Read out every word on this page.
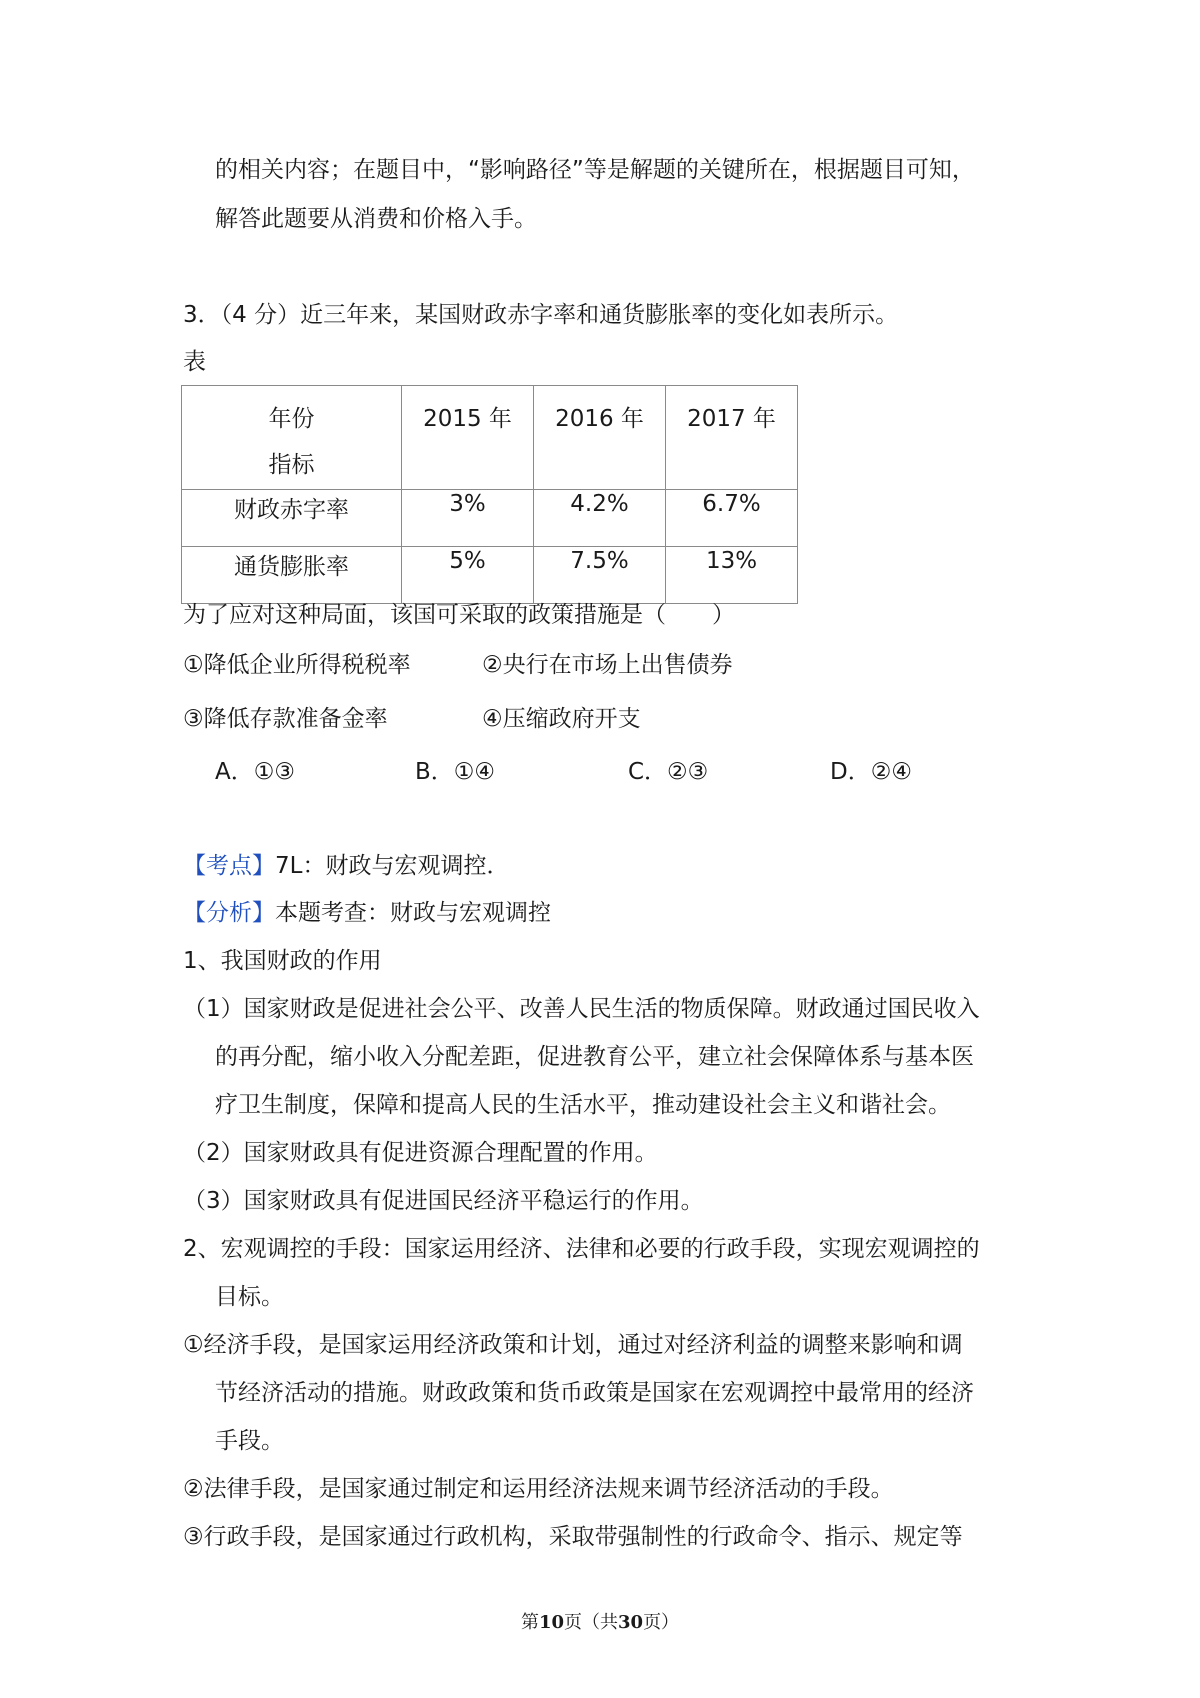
的相关内容；在题目中，“影响路径”等是解题的关键所在，根据题目可知，
解答此题要从消费和价格入手。
3．（4 分）近三年来，某国财政赤字率和通货膨胀率的变化如表所示。
表
年份
指标	2015 年	2016 年	2017 年
财政赤字率	3%	4.2%	6.7%
通货膨胀率	5%	7.5%	13%
为了应对这种局面，该国可采取的政策措施是（　　）
①降低企业所得税税率	②央行在市场上出售债券
③降低存款准备金率	④压缩政府开支
A．①③	B．①④	C．②③	D．②④
【考点】7L：财政与宏观调控．
【分析】本题考查：财政与宏观调控
1、我国财政的作用
（1）国家财政是促进社会公平、改善人民生活的物质保障。财政通过国民收入
的再分配，缩小收入分配差距，促进教育公平，建立社会保障体系与基本医
疗卫生制度，保障和提高人民的生活水平，推动建设社会主义和谐社会。
（2）国家财政具有促进资源合理配置的作用。
（3）国家财政具有促进国民经济平稳运行的作用。
2、宏观调控的手段：国家运用经济、法律和必要的行政手段，实现宏观调控的
目标。
①经济手段，是国家运用经济政策和计划，通过对经济利益的调整来影响和调
节经济活动的措施。财政政策和货币政策是国家在宏观调控中最常用的经济
手段。
②法律手段，是国家通过制定和运用经济法规来调节经济活动的手段。
③行政手段，是国家通过行政机构，采取带强制性的行政命令、指示、规定等
第10页（共30页）
